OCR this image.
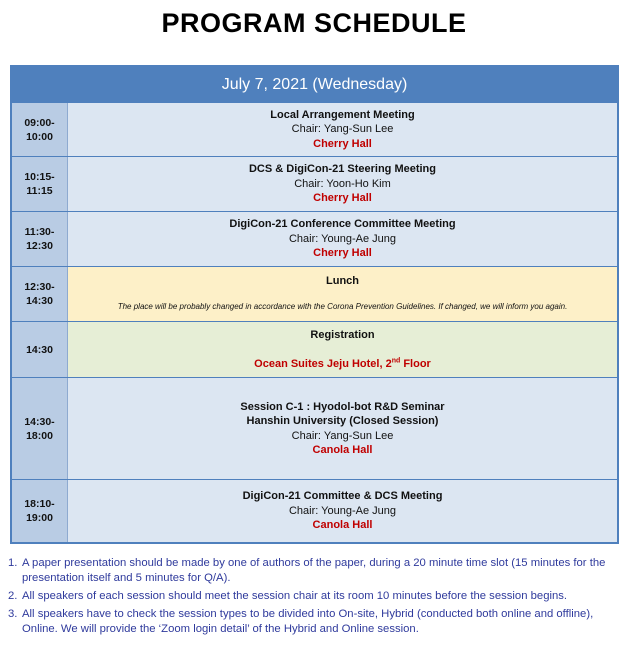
PROGRAM SCHEDULE
July 7, 2021 (Wednesday)
09:00-
10:00
Local Arrangement Meeting
Chair: Yang-Sun Lee
Cherry Hall
10:15-
11:15
DCS & DigiCon-21 Steering Meeting
Chair: Yoon-Ho Kim
Cherry Hall
11:30-
12:30
DigiCon-21 Conference Committee Meeting
Chair: Young-Ae Jung
Cherry Hall
12:30-
14:30
Lunch
The place will be probably changed in accordance with the Corona Prevention Guidelines. If changed, we will inform you again.
14:30
Registration
Ocean Suites Jeju Hotel, 2nd Floor
14:30-
18:00
Session C-1 : Hyodol-bot R&D Seminar
Hanshin University (Closed Session)
Chair: Yang-Sun Lee
Canola Hall
18:10-
19:00
DigiCon-21 Committee & DCS Meeting
Chair: Young-Ae Jung
Canola Hall
1. A paper presentation should be made by one of authors of the paper, during a 20 minute time slot (15 minutes for the presentation itself and 5 minutes for Q/A).
2. All speakers of each session should meet the session chair at its room 10 minutes before the session begins.
3. All speakers have to check the session types to be divided into On-site, Hybrid (conducted both online and offline), Online. We will provide the ‘Zoom login detail’ of the Hybrid and Online session.
